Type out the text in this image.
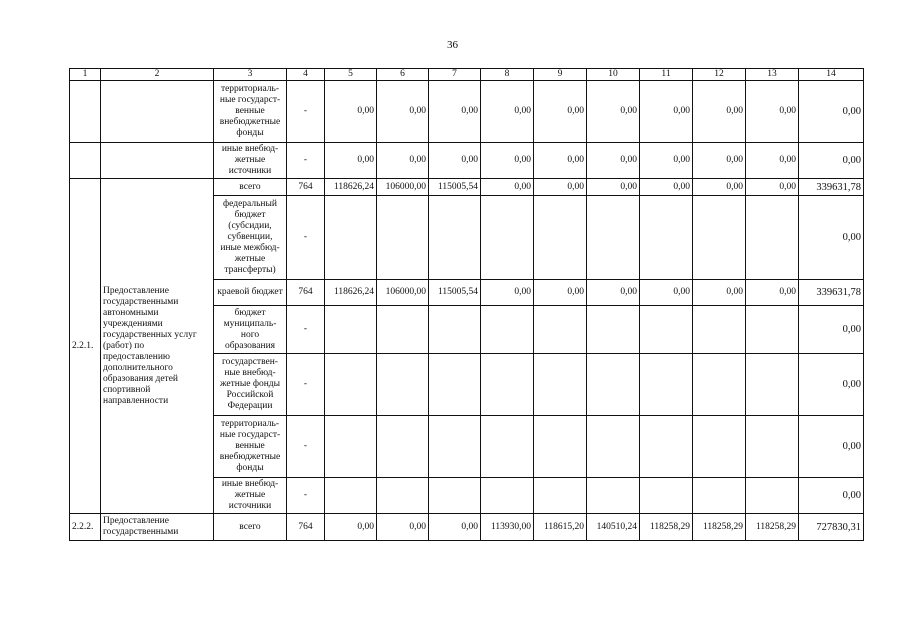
36
1	2	3	4	5	6	7	8	9	10	11	12	13	14
		территориаль-ные государст-венные внебюджетные фонды	-	0,00	0,00	0,00	0,00	0,00	0,00	0,00	0,00	0,00	0,00
		иные внебюд-жетные источники	-	0,00	0,00	0,00	0,00	0,00	0,00	0,00	0,00	0,00	0,00
2.2.1.	Предоставление государственными автономными учреждениями государственных услуг (работ) по предоставлению дополнительного образования детей спортивной направленности	всего	764	118626,24	106000,00	115005,54	0,00	0,00	0,00	0,00	0,00	0,00	339631,78
		федеральный бюджет (субсидии, субвенции, иные межбюд-жетные трансферты)	-										0,00
		краевой бюджет	764	118626,24	106000,00	115005,54	0,00	0,00	0,00	0,00	0,00	0,00	339631,78
		бюджет муниципаль-ного образования	-										0,00
		государствен-ные внебюд-жетные фонды Российской Федерации	-										0,00
		территориаль-ные государст-венные внебюджетные фонды	-										0,00
		иные внебюд-жетные источники	-										0,00
2.2.2.	Предоставление государственными	всего	764	0,00	0,00	0,00	113930,00	118615,20	140510,24	118258,29	118258,29	118258,29	727830,31
